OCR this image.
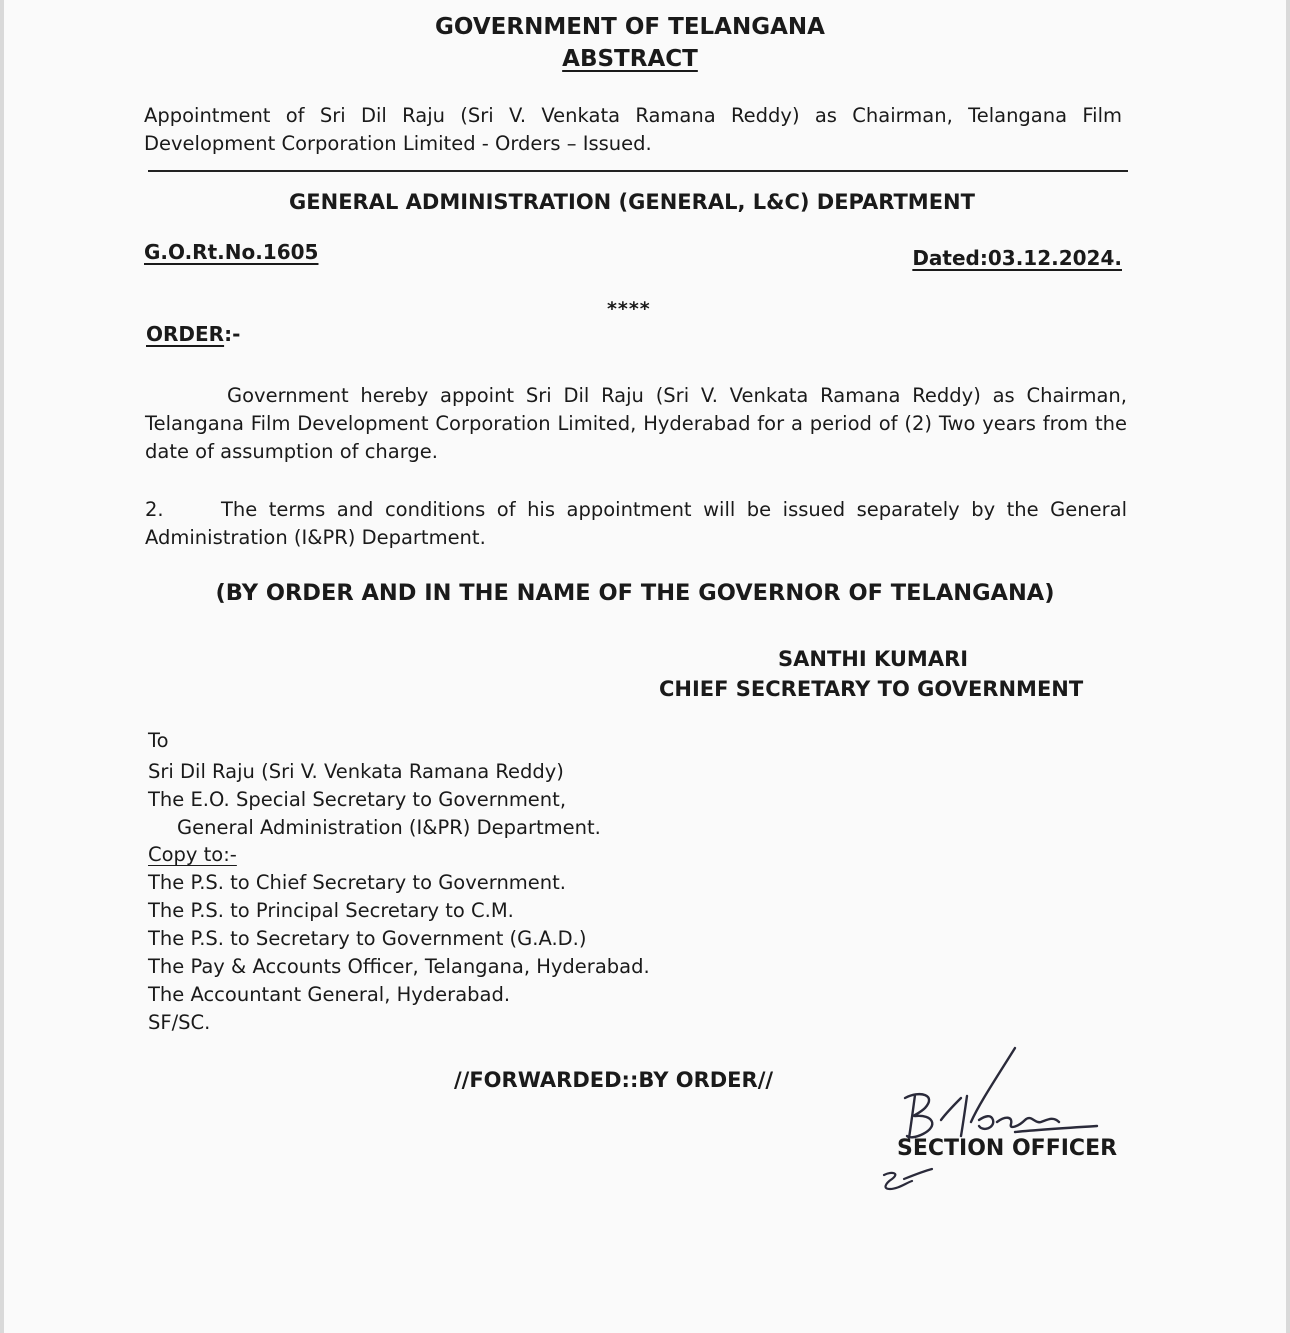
GOVERNMENT OF TELANGANA
ABSTRACT
Appointment of Sri Dil Raju (Sri V. Venkata Ramana Reddy) as Chairman, Telangana Film Development Corporation Limited - Orders – Issued.
GENERAL ADMINISTRATION (GENERAL, L&C) DEPARTMENT
G.O.Rt.No.1605	Dated:03.12.2024.
****
ORDER:-
Government hereby appoint Sri Dil Raju (Sri V. Venkata Ramana Reddy) as Chairman, Telangana Film Development Corporation Limited, Hyderabad for a period of (2) Two years from the date of assumption of charge.
2.	The terms and conditions of his appointment will be issued separately by the General Administration (I&PR) Department.
(BY ORDER AND IN THE NAME OF THE GOVERNOR OF TELANGANA)
SANTHI KUMARI
CHIEF SECRETARY TO GOVERNMENT
To
Sri Dil Raju (Sri V. Venkata Ramana Reddy)
The E.O. Special Secretary to Government,
General Administration (I&PR) Department.
Copy to:-
The P.S. to Chief Secretary to Government.
The P.S. to Principal Secretary to C.M.
The P.S. to Secretary to Government (G.A.D.)
The Pay & Accounts Officer, Telangana, Hyderabad.
The Accountant General, Hyderabad.
SF/SC.
//FORWARDED::BY ORDER//
SECTION OFFICER
